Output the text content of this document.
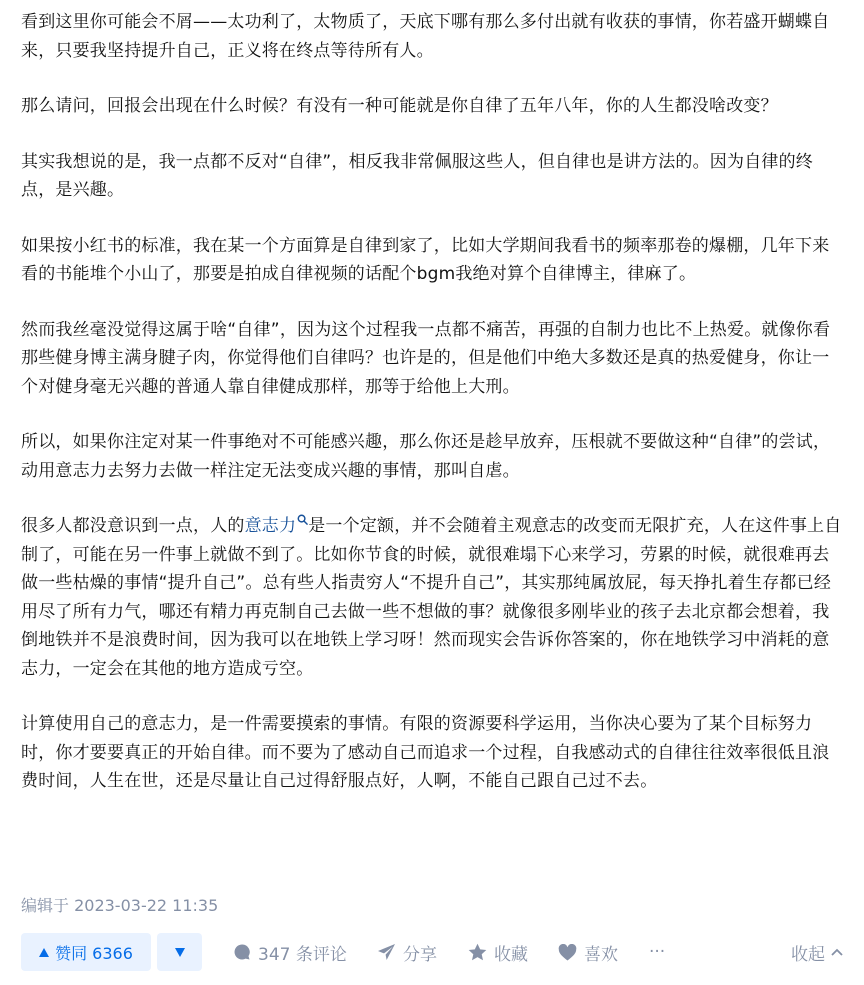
看到这里你可能会不屑——太功利了，太物质了，天底下哪有那么多付出就有收获的事情，你若盛开蝴蝶自来，只要我坚持提升自己，正义将在终点等待所有人。

那么请问，回报会出现在什么时候？有没有一种可能就是你自律了五年八年，你的人生都没啥改变？

其实我想说的是，我一点都不反对“自律”，相反我非常佩服这些人，但自律也是讲方法的。因为自律的终点，是兴趣。

如果按小红书的标准，我在某一个方面算是自律到家了，比如大学期间我看书的频率那卷的爆棚，几年下来看的书能堆个小山了，那要是拍成自律视频的话配个bgm我绝对算个自律博主，律麻了。

然而我丝毫没觉得这属于啥“自律”，因为这个过程我一点都不痛苦，再强的自制力也比不上热爱。就像你看那些健身博主满身腱子肉，你觉得他们自律吗？也许是的，但是他们中绝大多数还是真的热爱健身，你让一个对健身毫无兴趣的普通人靠自律健成那样，那等于给他上大刑。

所以，如果你注定对某一件事绝对不可能感兴趣，那么你还是趁早放弃，压根就不要做这种“自律”的尝试，动用意志力去努力去做一样注定无法变成兴趣的事情，那叫自虐。

很多人都没意识到一点，人的意志力 是一个定额，并不会随着主观意志的改变而无限扩充，人在这件事上自制了，可能在另一件事上就做不到了。比如你节食的时候，就很难塌下心来学习，劳累的时候，就很难再去做一些枯燥的事情“提升自己”。总有些人指责穷人“不提升自己”，其实那纯属放屁，每天挣扎着生存都已经用尽了所有力气，哪还有精力再克制自己去做一些不想做的事？就像很多刚毕业的孩子去北京都会想着，我倒地铁并不是浪费时间，因为我可以在地铁上学习呀！然而现实会告诉你答案的，你在地铁学习中消耗的意志力，一定会在其他的地方造成亏空。

计算使用自己的意志力，是一件需要摸索的事情。有限的资源要科学运用，当你决心要为了某个目标努力时，你才要要真正的开始自律。而不要为了感动自己而追求一个过程，自我感动式的自律往往效率很低且浪费时间，人生在世，还是尽量让自己过得舒服点好，人啊，不能自己跟自己过不去。

编辑于 2023-03-22 11:35
赞同 6366	347 条评论	分享	收藏	喜欢 ···	收起
